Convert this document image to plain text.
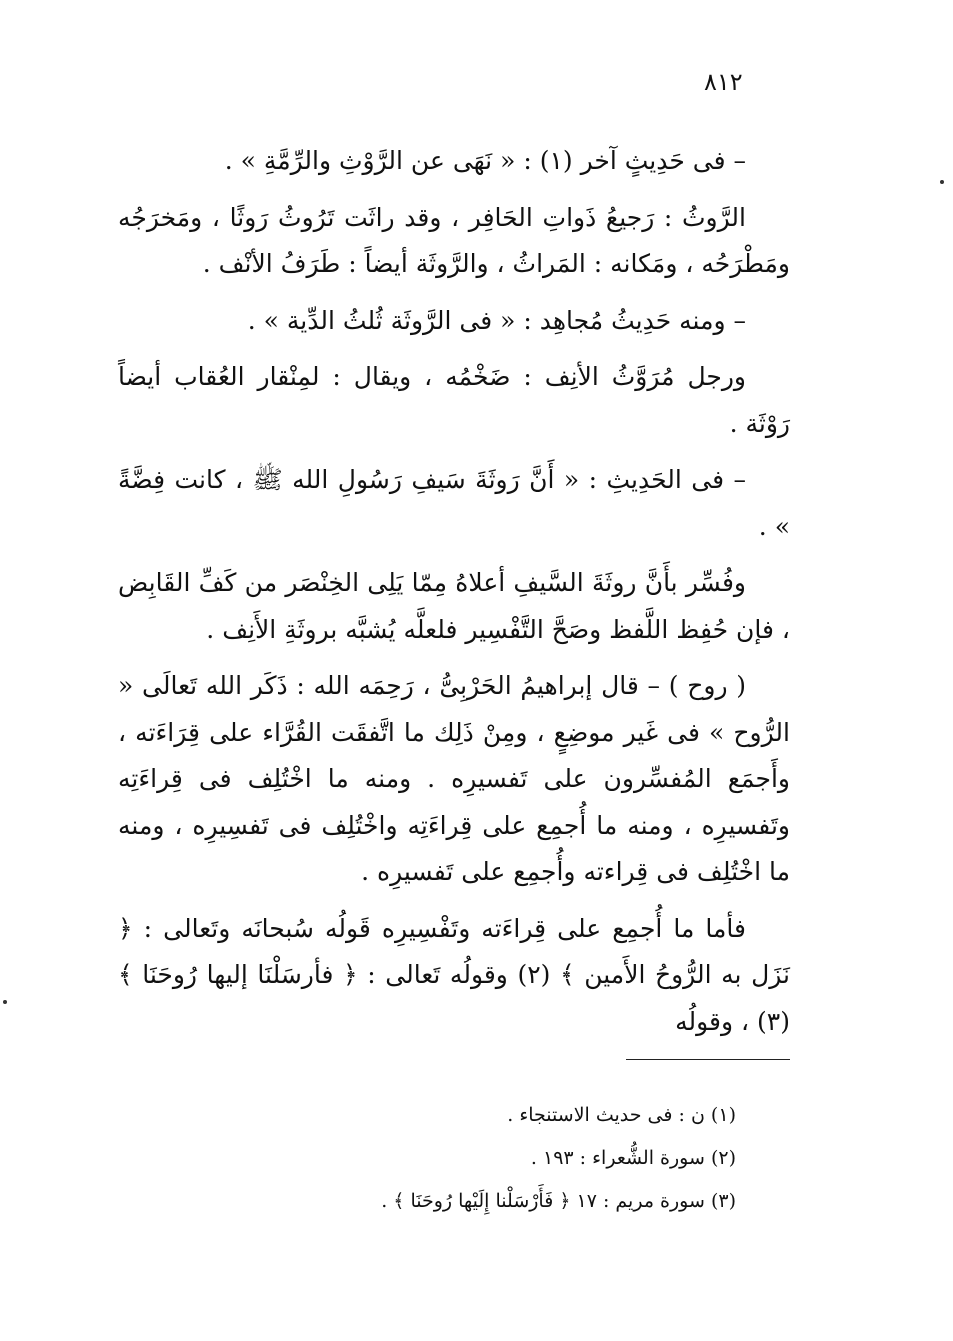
٨١٢

– فى حَدِيثٍ آخر (١) : « نَهَى عن الرَّوْثِ والرِّمَّةِ » .

الرَّوثُ : رَجيعُ ذَواتِ الحَافِر ، وقد راثَت تَرُوثُ رَوثًا ، ومَخرَجُه ومَطْرَحُه ، ومَكانه : المَراثُ ، والرَّوثَة أيضاً : طَرَفُ الأنْف .

– ومنه حَدِيثُ مُجاهِد : « فى الرَّوثَة ثُلثُ الدِّية » .

ورجل مُرَوَّثُ الأنِف : ضَخْمُه ، ويقال : لمِنْقار العُقاب أيضاً رَوْثَة .

– فى الحَدِيثِ : « أَنَّ رَوثَةَ سَيفِ رَسُولِ الله ﷺ ، كانت فِضَّةً » .

وفُسِّر بأَنَّ روثَةَ السَّيفِ أعلاهُ مِمّا يَلِى الخِنْصَر من كَفِّ القَابِض ، فإن حُفِظ اللَّفظ وصَحَّ التَّفْسِير فلعلَّه يُشبَّه بروثَةِ الأَنِف .

( روح ) – قال إبراهيمُ الحَرْبِىُّ ، رَحِمَه الله : ذَكَر الله تَعالَى « الرُّوح » فى غَير موضِعٍ ، ومِنْ ذَلِك ما اتَّفقَت القُرَّاء على قِرَاءَته ، وأَجمَع المُفسِّرون على تَفسيرِه . ومنه ما اخْتُلِف فى قِراءَتِه وتَفسيرِه ، ومنه ما أُجمِع على قِراءَتِه واخْتُلِف فى تَفسِيرِه ، ومنه ما اخْتُلِف فى قِراءته وأُجمِع على تَفسيرِه .

فأما ما أُجمِع على قِراءَته وتَفْسِيرِه قَولُه سُبحانَه وتَعالى : ﴿ نَزَل به الرُّوحُ الأَمين ﴾ (٢) وقولُه تَعالى : ﴿ فأرسَلْنَا إليها رُوحَنَا ﴾ (٣) ، وقولُه

(١) ن : فى حديث الاستنجاء .
(٢) سورة الشُّعراء : ١٩٣ .
(٣) سورة مريم : ١٧ ﴿ فَأَرْسَلْنا إِلَيْها رُوحَنَا ﴾ .
